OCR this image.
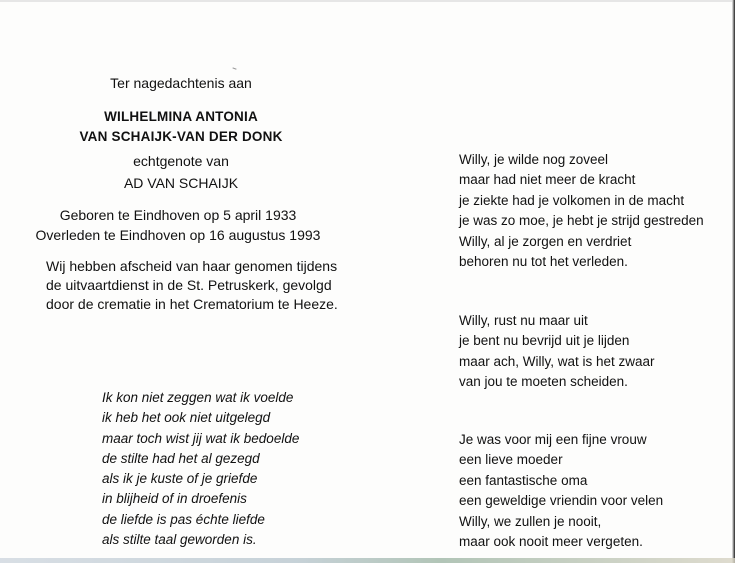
Ter nagedachtenis aan
WILHELMINA ANTONIA
VAN SCHAIJK-VAN DER DONK
echtgenote van
AD VAN SCHAIJK
Geboren te Eindhoven op 5 april 1933
Overleden te Eindhoven op 16 augustus 1993
Wij hebben afscheid van haar genomen tijdens
de uitvaartdienst in de St. Petruskerk, gevolgd
door de crematie in het Crematorium te Heeze.
Ik kon niet zeggen wat ik voelde
ik heb het ook niet uitgelegd
maar toch wist jij wat ik bedoelde
de stilte had het al gezegd
als ik je kuste of je griefde
in blijheid of in droefenis
de liefde is pas échte liefde
als stilte taal geworden is.
Willy, je wilde nog zoveel
maar had niet meer de kracht
je ziekte had je volkomen in de macht
je was zo moe, je hebt je strijd gestreden
Willy, al je zorgen en verdriet
behoren nu tot het verleden.
Willy, rust nu maar uit
je bent nu bevrijd uit je lijden
maar ach, Willy, wat is het zwaar
van jou te moeten scheiden.
Je was voor mij een fijne vrouw
een lieve moeder
een fantastische oma
een geweldige vriendin voor velen
Willy, we zullen je nooit,
maar ook nooit meer vergeten.
